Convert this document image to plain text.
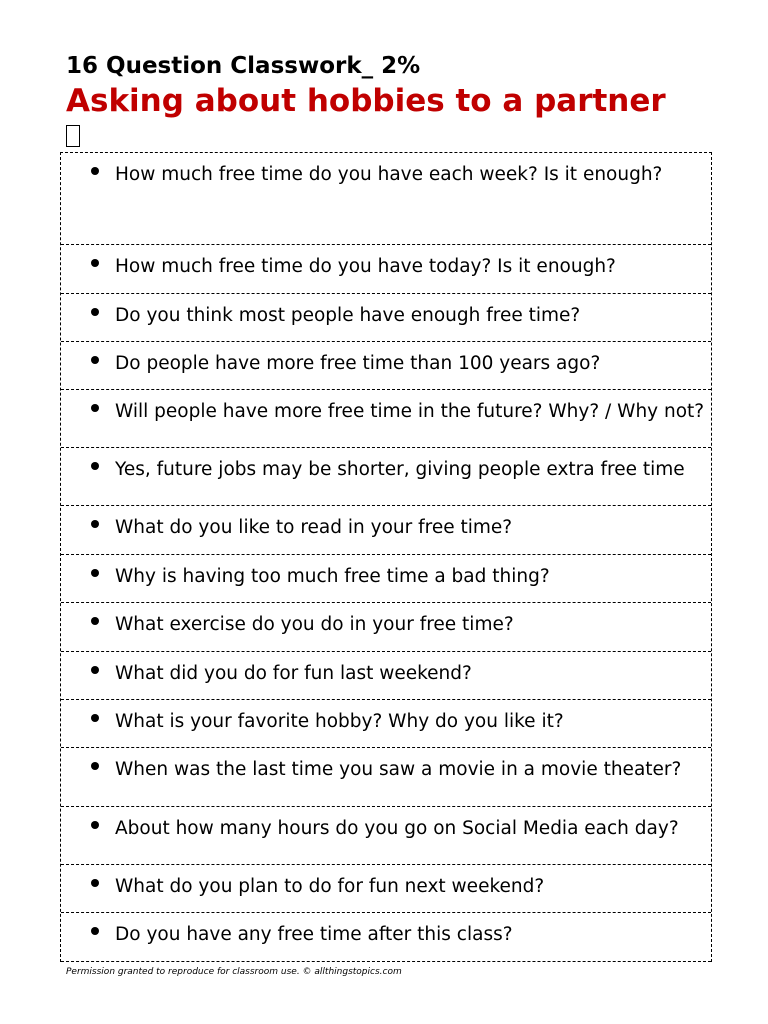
16 Question Classwork_ 2%
Asking about hobbies to a partner
How much free time do you have each week? Is it enough?
How much free time do you have today? Is it enough?
Do you think most people have enough free time?
Do people have more free time than 100 years ago?
Will people have more free time in the future? Why? / Why not?
Yes, future jobs may be shorter, giving people extra free time
What do you like to read in your free time?
Why is having too much free time a bad thing?
What exercise do you do in your free time?
What did you do for fun last weekend?
What is your favorite hobby? Why do you like it?
When was the last time you saw a movie in a movie theater?
About how many hours do you go on Social Media each day?
What do you plan to do for fun next weekend?
Do you have any free time after this class?
Permission granted to reproduce for classroom use. © allthingstopics.com
